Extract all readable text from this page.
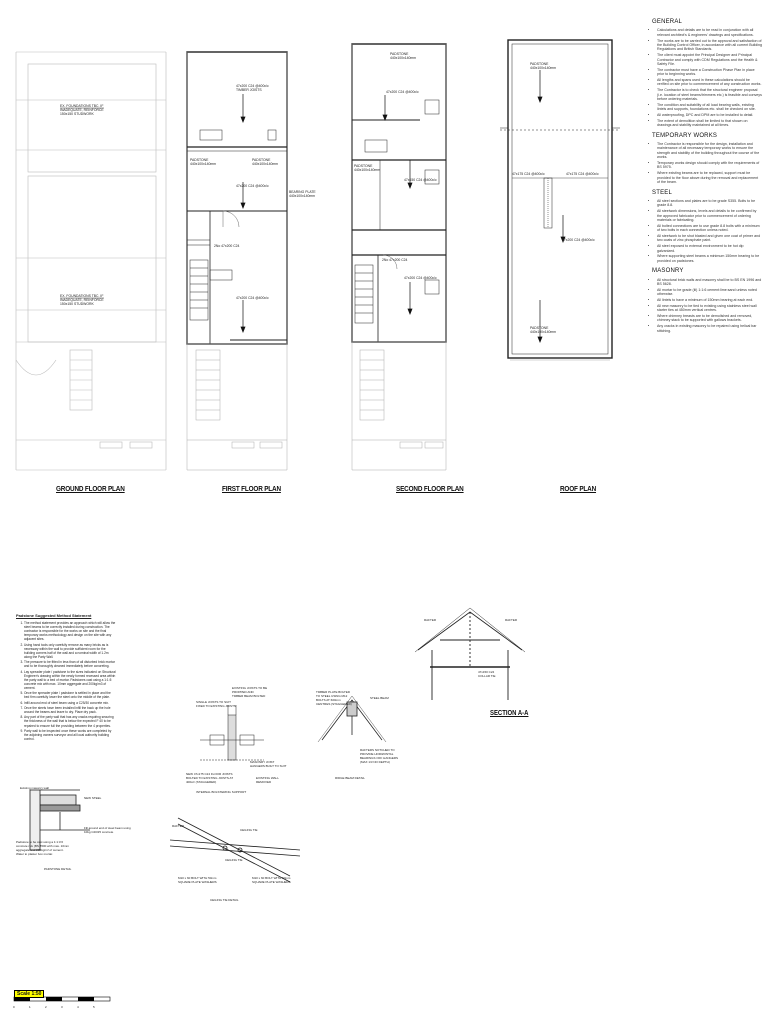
GROUND FLOOR PLAN	FIRST FLOOR PLAN	SECOND FLOOR PLAN	ROOF PLAN
EX. FOUNDATIONS TBC. IF
INADEQUATE, REINFORCE
150x150 STUDWORK
EX. FOUNDATIONS TBC. IF
INADEQUATE, REINFORCE
150x150 STUDWORK
47x200 C24 @400c/c
TIMBER JOISTS
PADSTONE
440x100x140mm
PADSTONE
440x100x140mm
47x200 C24 @400c/c
BEARING PLATE
440x100x140mm
47x200 C24 @400c/c
2No 47x200 C24
PADSTONE
440x100x140mm
47x200 C24 @400c/c
PADSTONE
440x100x140mm
47x150 C24 @400c/c
2No 47x200 C24
47x200 C24 @400c/c
PADSTONE
440x100x140mm
47x175 C24 @400c/c	47x175 C24 @400c/c
47x200 C24 @400c/c
PADSTONE
440x100x140mm
SECTION A-A
RAFTER	RAFTER
47x150 C24
COLLAR TIE
PADSTONE DETAIL
Existing masonry wall
NEW STEEL
Padstone to be cast using a 1:1:3:6
concrete mix (BS 8500 with max. 10mm
aggregate and 200kg/m³ of cement.
Water to plaster box mortar.
Fill around end of steel beam using
10kg C20/25 concrete
INTERNAL BOLSTERING SUPPORT
SINGLE JOISTS TO SUIT
FIXED TO EXISTING JOISTS
EXISTING JOISTS TO BE
PROPPED AND
TIMBER BEAM BOLTED
NEW 47x175 C24 FLOOR JOISTS
BOLTED TO EXISTING JOISTS AT
400c/c (STAGGERED)
MASONRY JOIST
HANGERS BUILT TO SUIT
EXISTING WALL
REMOVED
TIMBER PLATE BOLTED
TO STEEL USING M12
BOLTS AT 600mm
CENTRES (STAGGERED)
STEEL BEAM
RAFTERS NOTCHED TO
PROVIDE HORIZONTAL
BEARINGS OFF HANGERS
(MAX 1/3 NO DEPTH)
RIDGE BEAM DETAIL
RAFTER
CEILING TIE
CEILING TIE
M10 x 60 BOLT WITH 50mm
SQUARE PLATE WASHERS
M10 x 60 BOLT WITH 50mm
SQUARE PLATE WASHERS
CEILING TIE DETAIL
Padstone Suggested Method Statement
1. The method statement provides an approach which will allow the steel beams to be correctly installed during construction. The contractor is responsible for the works on site and the final temporary works methodology and design on the site with any adjacent sites.
2. Using hand tools only carefully remove as many bricks as is necessary within the wall to provide sufficient room for the building corners half of the wall and a nominal width of 1.2m along the Party Wall.
3. The pressure to be fitted in less than of all disturbed brick mortar and to be thoroughly cleaned immediately before concreting.
4. Lay spreader plate / padstone to the sizes indicated on Structural Engineer's drawing within the newly formed recessed area within the party wall to a bed of mortar. Padstones cast using a 1:1:5 concrete mix with max. 10mm aggregate and 200kg/m3 of cement.
5. Once the spreader plate / padstone is settled in place and the bed firm carefully lower the steel onto the middle of the plate.
6. Infill around end of steel beam using a C25/30 concrete mix.
7. Once the steels have been installed infill the back up the hole around the beams and leave to dry. Place dry pack.
8. Any part of the party wall that has any cracks requiring securing the thickness of the wall that is below the expected F 40 to be repaired to ensure full the providing between the 4 properties.
9. Party wall to be inspected once these works are completed by the adjoining owners surveyor and all local authority building control.
GENERAL
• Calculations and details are to be read in conjunction with all relevant architect's & engineers' drawings and specifications.
• The works are to be carried out to the approval and satisfaction of the Building Control Officer, in accordance with all current Building Regulations and British Standards.
• The client must appoint the Principal Designer and Principal Contractor and comply with CDM Regulations and the Health & Safety File.
• The contractor must have a Construction Phase Plan in place prior to beginning works.
• All lengths and spans used in these calculations should be verified on site prior to commencement of any construction works.
• The Contractor is to check that the structural engineer proposal (i.e. location of steel beams/trimmers etc.) is feasible and conveys before ordering materials.
• The condition and suitability of all load bearing walls, existing lintels and supports, foundations etc. shall be checked on site.
• All waterproofing, DPC and DPM are to be installed to detail.
• The extent of demolition shall be limited to that shown on drawings and stability maintained at all times.
TEMPORARY WORKS
• The Contractor is responsible for the design, installation and maintenance of all necessary temporary works to ensure the strength and stability of the building throughout the course of the works.
• Temporary works design should comply with the requirements of BS 5975.
• Where existing beams are to be replaced, support must be provided to the floor above during the removal and replacement of the beam.
STEEL
• All steel sections and plates are to be grade S355. Bolts to be grade 8.8.
• All steelwork dimensions, levels and details to be confirmed by the approved fabricator prior to commencement of ordering materials or fabricating.
• All bolted connections are to use grade 8.8 bolts with a minimum of two bolts in each connection unless noted.
• All steelwork to be shot blasted and given one coat of primer and two coats of zinc phosphate paint.
• All steel exposed to external environment to be hot dip galvanized.
• Where supporting steel beams a minimum 150mm bearing to be provided on padstones.
MASONRY
• All structural brick walls and masonry shall be to BS EN 1996 and BS 5628.
• All mortar to be grade (iii) 1:1:6 cement:lime:sand unless noted otherwise.
• All lintels to have a minimum of 150mm bearing at each end.
• All new masonry to be tied to existing using stainless steel wall starter ties at 450mm vertical centres.
• Where chimney breasts are to be demolished and removed, chimney stack to be supported with gallows brackets.
• Any cracks in existing masonry to be repaired using helical bar stitching.
Scale 1:50
0	1	2	3	4	5
